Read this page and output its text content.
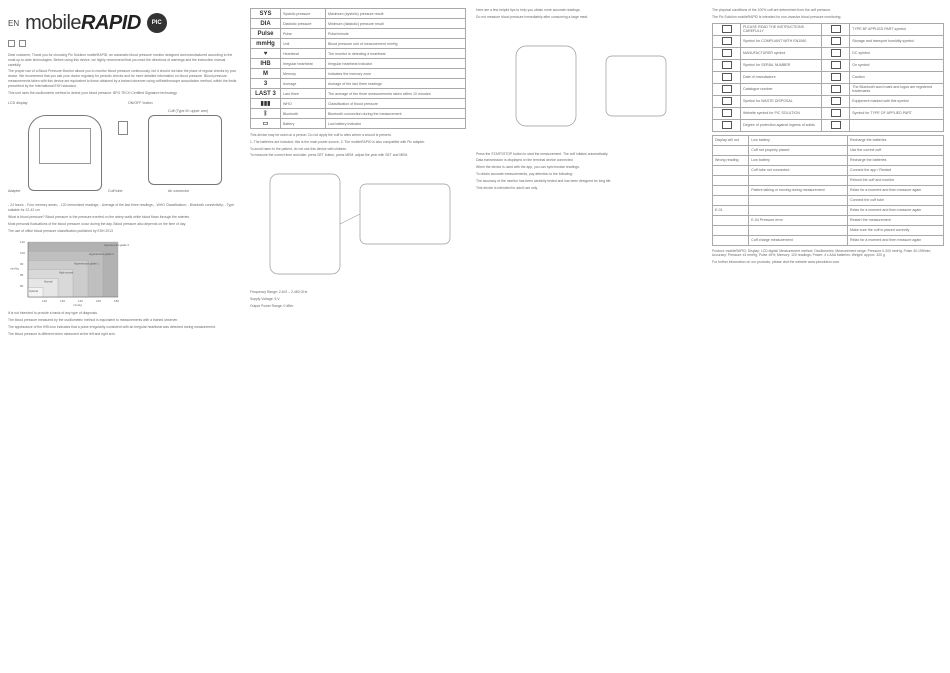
EN mobileRAPID	PIC

Dear customer, Thank you for choosing Pic Solution mobileRAPID: an automatic blood pressure monitor designed and manufactured according to the most up-to-date technologies. Before using this device, we highly recommend that you read the directions of warnings and the instruction manual carefully.

The proper use of a Blood Pressure Monitor allows you to monitor blood pressure continuously, but it should not take the place of regular checks by your doctor. We recommend that you ask your doctor regularly for periodic checks and for more detailed information on blood pressure. Blood pressure measurements taken with this device are equivalent to those obtained by a trained observer using cuff/stethoscope auscultation method, within the limits prescribed by the International ESH standard.

This unit uses the oscillometric method to detect your blood pressure. BPO TECH Certified Signature technology.

LCD display	ON/OFF button
Cuff (Type M: upper arm)
Adapter	Cuff tube	Air connector

- 24 hours; - Four memory areas; - 120 memorised readings; - Average of the last three readings; - WHO Classification; - Bluetooth connectivity; - Type suitable for 22-42 cm

What is blood pressure? Blood pressure is the pressure exerted on the artery walls while blood flows through the arteries.

Most personal fluctuations of the blood pressure occur during the day. Blood pressure also depends on the time of day.

The use of office blood pressure classification published by ESH 2013

120	130	140	160	180
80
85
90
100
110
Optimal
Normal
High-normal
Hypertension grade 1
Hypertension grade 2
Hypertension grade 3
mmHg
mmHg

It is not intended to provide a basis of any type of diagnosis.

The blood pressure measured by the oscillometric method is equivalent to measurements with a trained observer.

The appearance of the IHB icon indicates that a pulse irregularity consistent with an irregular heartbeat was detected during measurement.

The blood pressure is different when measured at the left and right arm.

SYS	Systolic pressure	Maximum (systolic) pressure result
DIA	Diastolic pressure	Minimum (diastolic) pressure result
Pulse	Pulse	Pulse/minute
mmHg	Unit	Blood pressure unit of measurement mmHg
♥	Heartbeat	The monitor is detecting a heartbeat
IHB	Irregular heartbeat	Irregular heartbeat indicator
M	Memory	Indicates the memory zone
3	Average	Average of the last three readings
LAST 3	Last three	The average of the three measurements taken within 10 minutes
▮▮▮	WHO	Classification of blood pressure
ᛒ	Bluetooth	Bluetooth connection during the measurement
▭	Battery	Low battery indicator

This device may be used on a person. Do not apply the cuff to sites where a wound is present.

1. The batteries are included; this is the main power source. 2. The mobileRAPID is also compatible with Pic adapter.

To avoid harm to the patient, do not use this device with children.

To measure the correct time and date: press SET button, press MEM, adjust the year with SET and MEM.

Frequency Range: 2.402 – 2.480 GHz

Supply Voltage: 5 V

Output Power Range: 0 dBm

Here are a few helpful tips to help you obtain more accurate readings.

Do not measure blood pressure immediately after consuming a large meal.

Press the START/STOP button to start the measurement. The cuff inflates automatically.

Data transmission is displayed on the terminal device connected.

When the device is used with the app, you can synchronise readings.

To obtain accurate measurements, pay attention to the following:

The accuracy of the monitor has been carefully tested and has been designed for long life.

This device is intended for adult use only.

The physical conditions of the 100% cuff are determined from the cuff pressure.

The Pic Solution mobileRAPID is intended for non-invasive blood pressure monitoring.

	PLEASE READ THE INSTRUCTIONS CAREFULLY		TYPE BF APPLIED PART symbol
	Symbol for COMPLIANT WITH EN1060		Storage and transport humidity symbol
	MANUFACTURER symbol		DC symbol
	Symbol for SERIAL NUMBER		On symbol
	Date of manufacture		Caution
	Catalogue number		The Bluetooth word mark and logos are registered trademarks
	Symbol for WASTE DISPOSAL		Equipment marked with this symbol
	Website symbol for PIC SOLUTION		Symbol for TYPE OF APPLIED PART
	Degree of protection against ingress of solids		
Display will not	Low battery	Recharge the batteries
	Cuff not properly placed	Use the correct cuff
Wrong reading	Low battery	Recharge the batteries
	Cuff tube not connected	Connect the app / Restart
		Reboot the cuff and monitor
	Patient talking or moving during measurement	Relax for a moment and then measure again
		Connect the cuff tube
E-01		Relax for a moment and then measure again
	E-04 Pressure error	Restart the measurement
		Make sure the cuff is placed correctly
	Cuff charge measurement	Relax for a moment and then measure again

Product: mobileRAPID; Display: LCD digital; Measurement method: Oscillometric; Measurement range: Pressure 0-300 mmHg, Pulse 40-199/min; Accuracy: Pressure ±3 mmHg, Pulse ±5%; Memory: 120 readings; Power: 4 x AAA batteries; Weight: approx. 320 g

For further information on our products, please visit the website www.picsolution.com.
